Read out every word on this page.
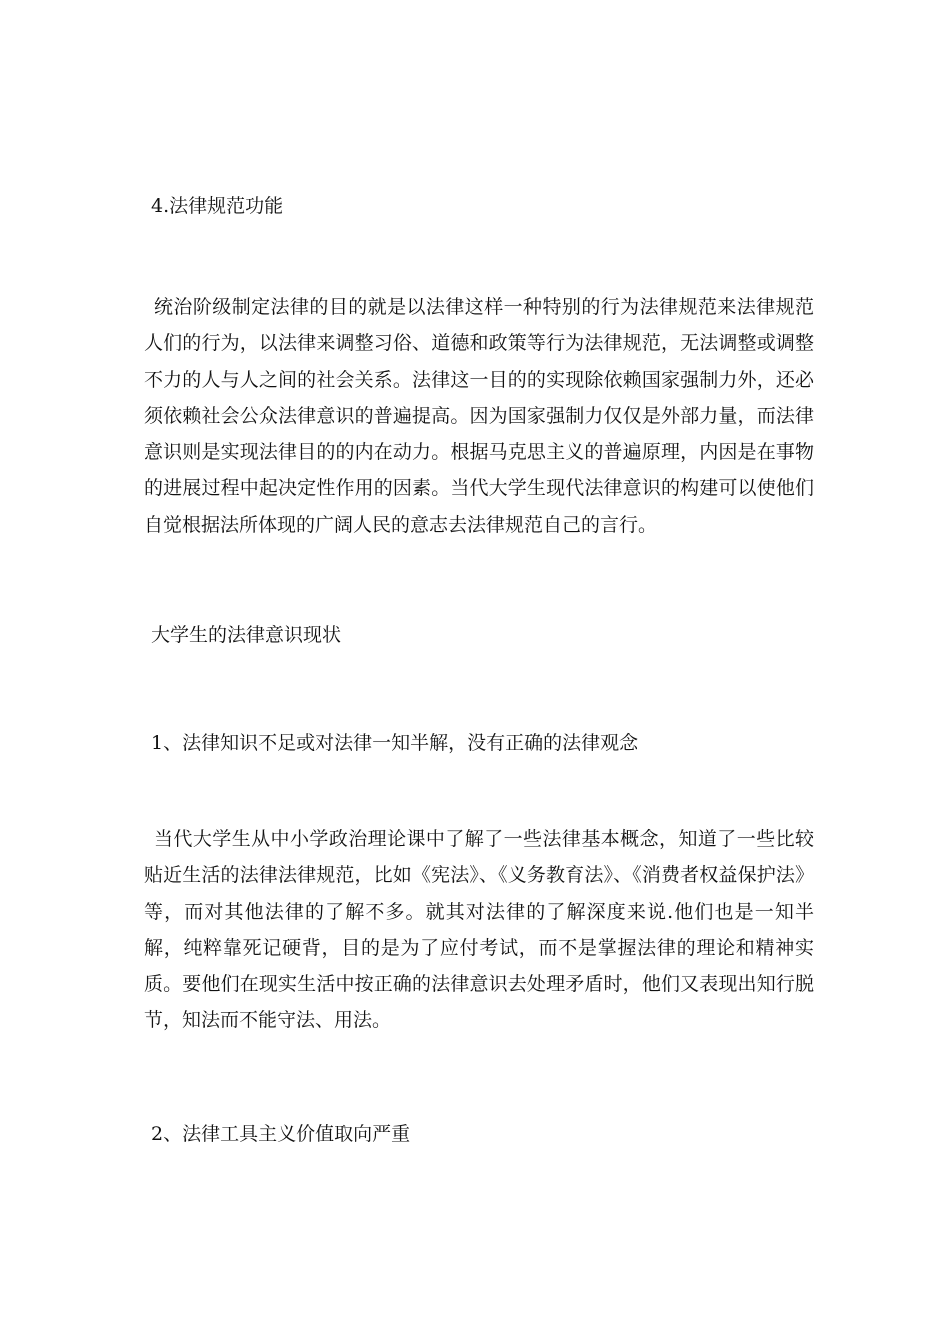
4.法律规范功能

统治阶级制定法律的目的就是以法律这样一种特别的行为法律规范来法律规范人们的行为，以法律来调整习俗、道德和政策等行为法律规范，无法调整或调整不力的人与人之间的社会关系。法律这一目的的实现除依赖国家强制力外，还必须依赖社会公众法律意识的普遍提高。因为国家强制力仅仅是外部力量，而法律意识则是实现法律目的的内在动力。根据马克思主义的普遍原理，内因是在事物的进展过程中起决定性作用的因素。当代大学生现代法律意识的构建可以使他们自觉根据法所体现的广阔人民的意志去法律规范自己的言行。

大学生的法律意识现状

1、法律知识不足或对法律一知半解，没有正确的法律观念

当代大学生从中小学政治理论课中了解了一些法律基本概念，知道了一些比较贴近生活的法律法律规范，比如《宪法》、《义务教育法》、《消费者权益保护法》等，而对其他法律的了解不多。就其对法律的了解深度来说.他们也是一知半解，纯粹靠死记硬背，目的是为了应付考试，而不是掌握法律的理论和精神实质。要他们在现实生活中按正确的法律意识去处理矛盾时，他们又表现出知行脱节，知法而不能守法、用法。

2、法律工具主义价值取向严重
